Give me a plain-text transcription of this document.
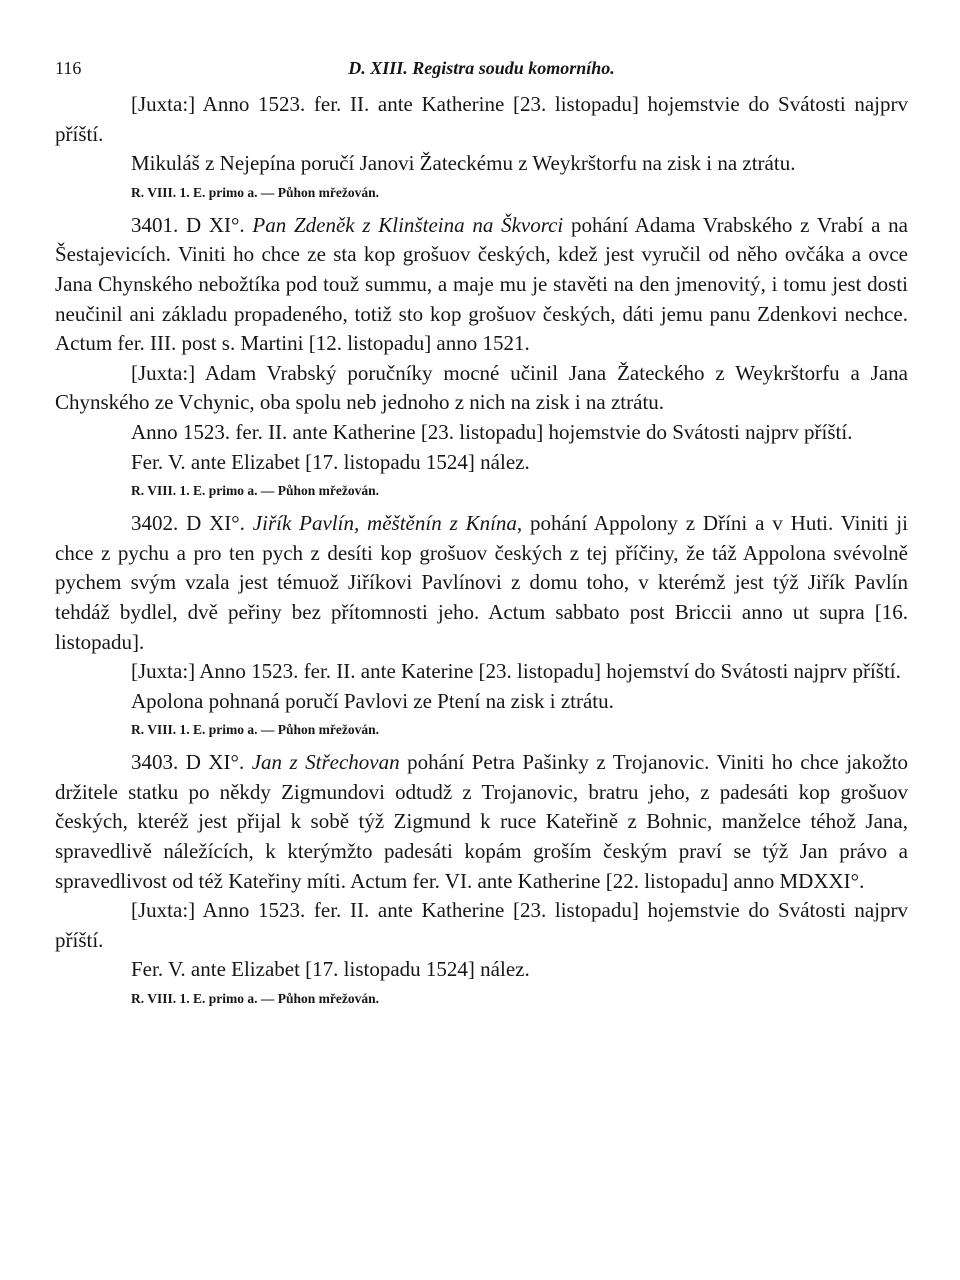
116	D. XIII. Registra soudu komorního.
[Juxta:] Anno 1523. fer. II. ante Katherine [23. listopadu] hojemstvie do Svátosti najprv příští.
Mikuláš z Nejepína poručí Janovi Žateckému z Weykrštorfu na zisk i na ztrátu.
R. VIII. 1. E. primo a. — Půhon mřežován.
3401. D XI°. Pan Zdeněk z Klinšteina na Škvorci pohání Adama Vrabského z Vrabí a na Šestajevicích. Viniti ho chce ze sta kop grošuov českých, kdež jest vyručil od něho ovčáka a ovce Jana Chynského nebožtíka pod touž summu, a maje mu je stavěti na den jmenovitý, i tomu jest dosti neučinil ani základu propadeného, totiž sto kop grošuov českých, dáti jemu panu Zdenkovi nechce. Actum fer. III. post s. Martini [12. listopadu] anno 1521.
[Juxta:] Adam Vrabský poručníky mocné učinil Jana Žateckého z Weykrštorfu a Jana Chynského ze Vchynic, oba spolu neb jednoho z nich na zisk i na ztrátu.
Anno 1523. fer. II. ante Katherine [23. listopadu] hojemstvie do Svátosti najprv příští.
Fer. V. ante Elizabet [17. listopadu 1524] nález.
R. VIII. 1. E. primo a. — Půhon mřežován.
3402. D XI°. Jiřík Pavlín, měštěnín z Knína, pohání Appolony z Dříni a v Huti. Viniti ji chce z pychu a pro ten pych z desíti kop grošuov českých z tej příčiny, že táž Appolona svévolně pychem svým vzala jest témuož Jiříkovi Pavlínovi z domu toho, v kterémž jest týž Jiřík Pavlín tehdáž bydlel, dvě peřiny bez přítomnosti jeho. Actum sabbato post Briccii anno ut supra [16. listopadu].
[Juxta:] Anno 1523. fer. II. ante Katerine [23. listopadu] hojemství do Svátosti najprv příští.
Apolona pohnaná poručí Pavlovi ze Ptení na zisk i ztrátu.
R. VIII. 1. E. primo a. — Půhon mřežován.
3403. D XI°. Jan z Střechovan pohání Petra Pašinky z Trojanovic. Viniti ho chce jakožto držitele statku po někdy Zigmundovi odtudž z Trojanovic, bratru jeho, z padesáti kop grošuov českých, kteréž jest přijal k sobě týž Zigmund k ruce Kateřině z Bohnic, manželce téhož Jana, spravedlivě náležících, k kterýmžto padesáti kopám groším českým praví se týž Jan právo a spravedlivost od též Kateřiny míti. Actum fer. VI. ante Katherine [22. listopadu] anno MDXXI°.
[Juxta:] Anno 1523. fer. II. ante Katherine [23. listopadu] hojemstvie do Svátosti najprv příští.
Fer. V. ante Elizabet [17. listopadu 1524] nález.
R. VIII. 1. E. primo a. — Půhon mřežován.
